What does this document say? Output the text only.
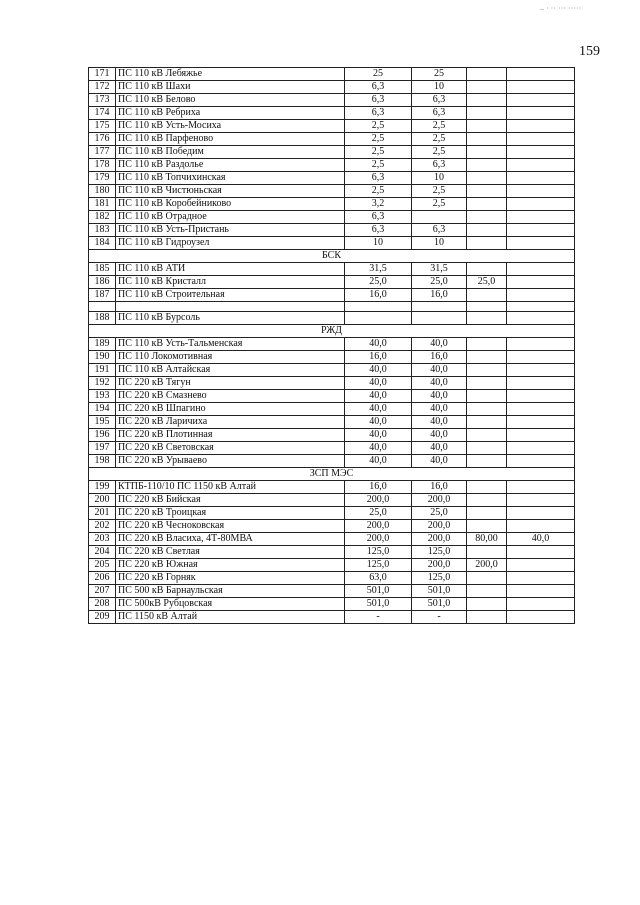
– · ·· ··· ·····
159
171	ПС 110 кВ Лебяжье	25	25		
172	ПС 110 кВ Шахи	6,3	10		
173	ПС 110 кВ Белово	6,3	6,3		
174	ПС 110 кВ Ребриха	6,3	6,3		
175	ПС 110 кВ Усть-Мосиха	2,5	2,5		
176	ПС 110 кВ Парфеново	2,5	2,5		
177	ПС 110 кВ Победим	2,5	2,5		
178	ПС 110 кВ Раздолье	2,5	6,3		
179	ПС 110 кВ Топчихинская	6,3	10		
180	ПС 110 кВ Чистюньская	2,5	2,5		
181	ПС 110 кВ Коробейниково	3,2	2,5		
182	ПС 110 кВ Отрадное	6,3			
183	ПС 110 кВ Усть-Пристань	6,3	6,3		
184	ПС 110 кВ Гидроузел	10	10		
БСК					
185	ПС 110 кВ АТИ	31,5	31,5		
186	ПС 110 кВ Кристалл	25,0	25,0	25,0	
187	ПС 110 кВ Строительная	16,0	16,0		

188	ПС 110 кВ Бурсоль				
РЖД					
189	ПС 110 кВ Усть-Тальменская	40,0	40,0		
190	ПС 110 Локомотивная	16,0	16,0		
191	ПС 110 кВ Алтайская	40,0	40,0		
192	ПС 220 кВ Тягун	40,0	40,0		
193	ПС 220 кВ Смазнево	40,0	40,0		
194	ПС 220 кВ Шпагино	40,0	40,0		
195	ПС 220 кВ Ларичиха	40,0	40,0		
196	ПС 220 кВ Плотинная	40,0	40,0		
197	ПС 220 кВ Световская	40,0	40,0		
198	ПС 220 кВ Урываево	40,0	40,0		
ЗСП МЭС					
199	КТПБ-110/10 ПС 1150 кВ Алтай	16,0	16,0		
200	ПС 220 кВ Бийская	200,0	200,0		
201	ПС 220 кВ Троицкая	25,0	25,0		
202	ПС 220 кВ Чесноковская	200,0	200,0		
203	ПС 220 кВ Власиха, 4Т-80МВА	200,0	200,0	80,00	40,0
204	ПС 220 кВ Светлая	125,0	125,0		
205	ПС 220 кВ Южная	125,0	200,0	200,0	
206	ПС 220 кВ Горняк	63,0	125,0		
207	ПС 500 кВ Барнаульская	501,0	501,0		
208	ПС 500кВ Рубцовская	501,0	501,0		
209	ПС 1150 кВ Алтай	-	-		
